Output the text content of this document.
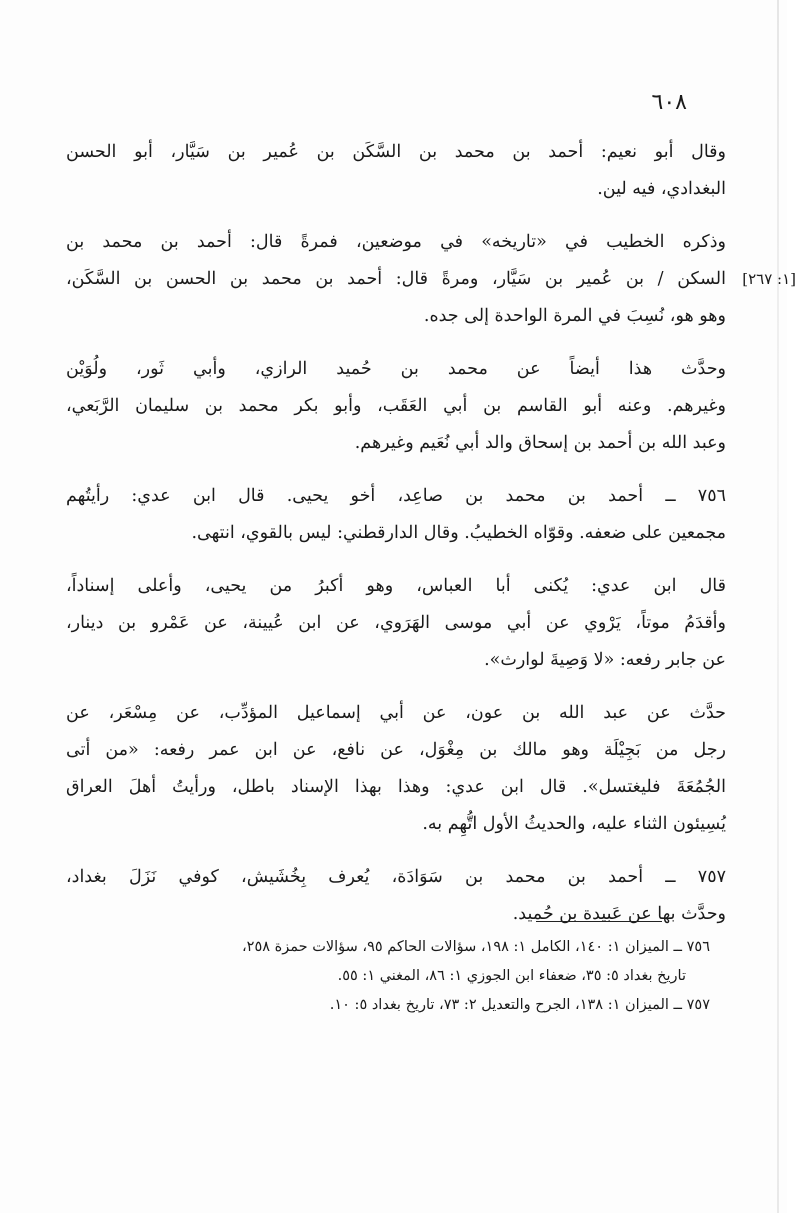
٦٠٨
وقال أبو نعيم: أحمد بن محمد بن السَّكَن بن عُمير بن سَيَّار، أبو الحسن
البغدادي، فيه لين.
وذكره الخطيب في «تاريخه» في موضعين، فمرةً قال: أحمد بن محمد بن
السكن / بن عُمير بن سَيَّار، ومرةً قال: أحمد بن محمد بن الحسن بن السَّكَن،
وهو هو، نُسِبَ في المرة الواحدة إلى جده.
[١: ٢٦٧]
وحدَّث هذا أيضاً عن محمد بن حُميد الرازي، وأبي ثَور، ولُوَيْن
وغيرهم. وعنه أبو القاسم بن أبي العَقَب، وأبو بكر محمد بن سليمان الرَّبَعي،
وعبد الله بن أحمد بن إسحاق والد أبي نُعَيم وغيرهم.
٧٥٦ ــ أحمد بن محمد بن صاعِد، أخو يحيى. قال ابن عدي: رأيتُهم
مجمعين على ضعفه. وقوّاه الخطيبُ. وقال الدارقطني: ليس بالقوي، انتهى.
قال ابن عدي: يُكنى أبا العباس، وهو أكبرُ من يحيى، وأعلى إسناداً،
وأقدَمُ موتاً، يَرْوي عن أبي موسى الهَرَوي، عن ابن عُيينة، عن عَمْرو بن دينار،
عن جابر رفعه: «لا وَصِيةَ لوارث».
حدَّث عن عبد الله بن عون، عن أبي إسماعيل المؤدِّب، عن مِسْعَر، عن
رجل من بَجِيْلَة وهو مالك بن مِغْوَل، عن نافع، عن ابن عمر رفعه: «من أتى
الجُمُعَةَ فليغتسل». قال ابن عدي: وهذا بهذا الإسناد باطل، ورأيتُ أهلَ العراق
يُسِيئون الثناء عليه، والحديثُ الأول اتُّهِم به.
٧٥٧ ــ أحمد بن محمد بن سَوَادَة، يُعرف بِخُشَيش، كوفي نَزَلَ بغداد،
وحدَّث بها عن عَبيدة بن حُميد.
٧٥٦ ــ الميزان ١: ١٤٠، الكامل ١: ١٩٨، سؤالات الحاكم ٩٥، سؤالات حمزة ٢٥٨،
تاريخ بغداد ٥: ٣٥، ضعفاء ابن الجوزي ١: ٨٦، المغني ١: ٥٥.
٧٥٧ ــ الميزان ١: ١٣٨، الجرح والتعديل ٢: ٧٣، تاريخ بغداد ٥: ١٠.
